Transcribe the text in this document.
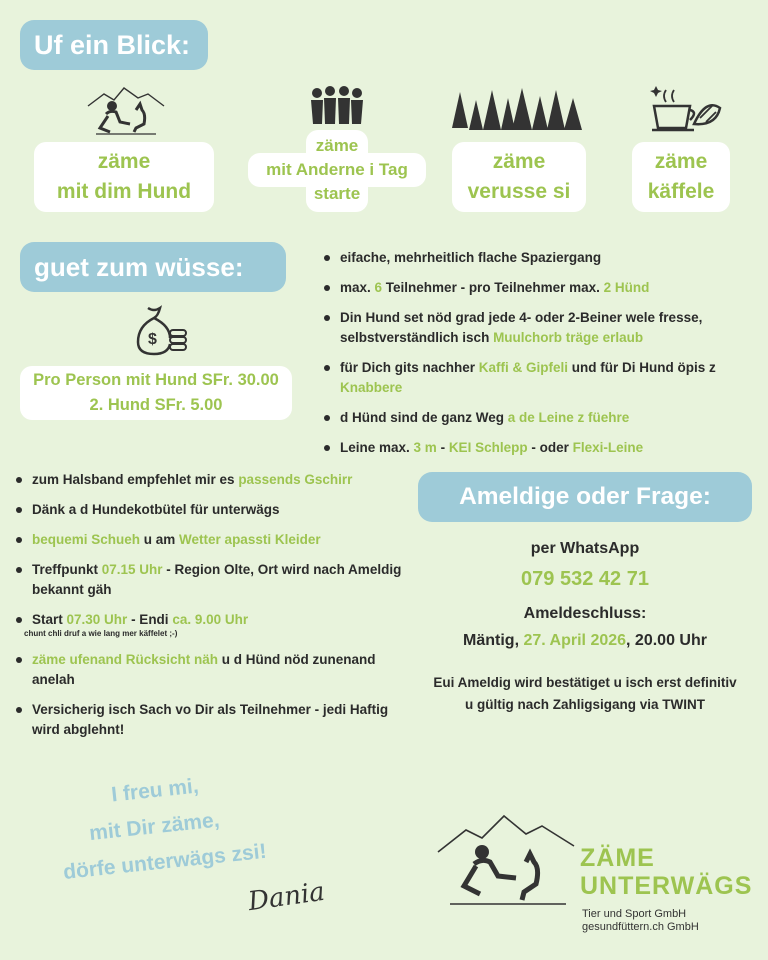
Uf ein Blick:
zäme
mit dim Hund
zäme
mit Anderne i Tag
starte
zäme
verusse si
zäme
käffele
guet zum wüsse:
$
Pro Person mit Hund SFr. 30.00
2. Hund SFr. 5.00
eifache, mehrheitlich flache Spaziergang
max. 6 Teilnehmer - pro Teilnehmer max. 2 Hünd
Din Hund set nöd grad jede 4- oder 2-Beiner wele fresse, selbstverständlich isch Muulchorb träge erlaub
für Dich gits nachher Kaffi & Gipfeli und für Di Hund öpis z Knabbere
d Hünd sind de ganz Weg a de Leine z füehre
Leine max. 3 m - KEI Schlepp - oder Flexi-Leine
zum Halsband empfehlet mir es passends Gschirr
Dänk a d Hundekotbütel für unterwägs
bequemi Schueh u am Wetter apassti Kleider
Treffpunkt 07.15 Uhr - Region Olte, Ort wird nach Ameldig bekannt gäh
Start 07.30 Uhr - Endi ca. 9.00 Uhr
chunt chli druf a wie lang mer käffelet ;-)
zäme ufenand Rücksicht näh u d Hünd nöd zunenand anelah
Versicherig isch Sach vo Dir als Teilnehmer - jedi Haftig wird abglehnt!
Ameldige oder Frage:
per WhatsApp
079 532 42 71
Ameldeschluss:
Mäntig, 27. April 2026, 20.00 Uhr
Eui Ameldig wird bestätiget u isch erst definitiv u gültig nach Zahligsigang via TWINT
I freu mi,
mit Dir zäme,
dörfe unterwägs zsi!
Dania
ZÄME
UNTERWÄGS
Tier und Sport GmbH
gesundfüttern.ch GmbH
